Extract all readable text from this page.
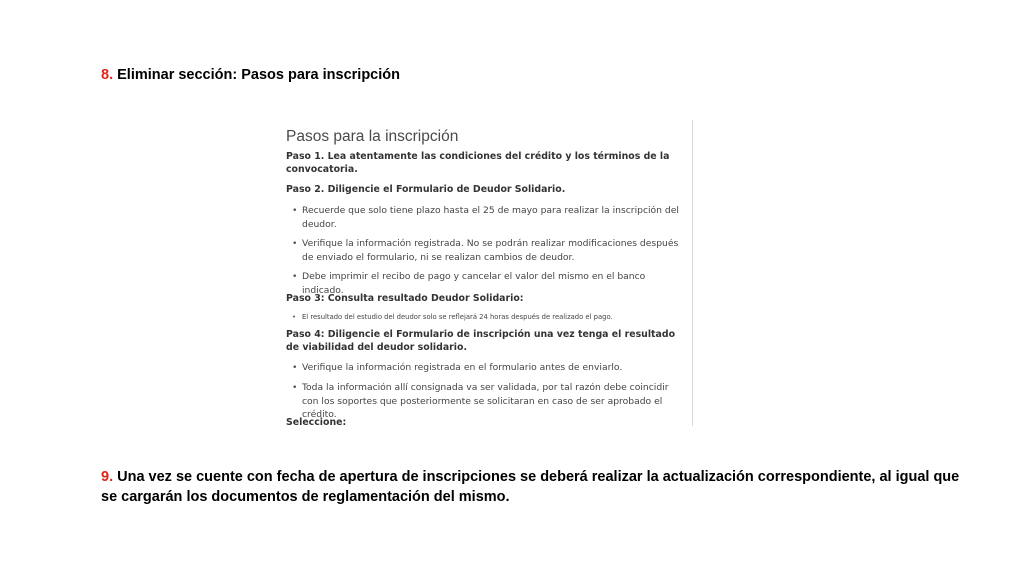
8. Eliminar sección: Pasos para inscripción

Pasos para la inscripción

Paso 1. Lea atentamente las condiciones del crédito y los términos de la convocatoria.

Paso 2. Diligencie el Formulario de Deudor Solidario.

• Recuerde que solo tiene plazo hasta el 25 de mayo para realizar la inscripción del deudor.

• Verifique la información registrada. No se podrán realizar modificaciones después de enviado el formulario, ni se realizan cambios de deudor.

• Debe imprimir el recibo de pago y cancelar el valor del mismo en el banco indicado.

Paso 3: Consulta resultado Deudor Solidario:

• El resultado del estudio del deudor solo se reflejará 24 horas después de realizado el pago.

Paso 4: Diligencie el Formulario de inscripción una vez tenga el resultado de viabilidad del deudor solidario.

• Verifique la información registrada en el formulario antes de enviarlo.

• Toda la información allí consignada va ser validada, por tal razón debe coincidir con los soportes que posteriormente se solicitaran en caso de ser aprobado el crédito.

Seleccione:

9. Una vez se cuente con fecha de apertura de inscripciones se deberá realizar la actualización correspondiente, al igual que se cargarán los documentos de reglamentación del mismo.
